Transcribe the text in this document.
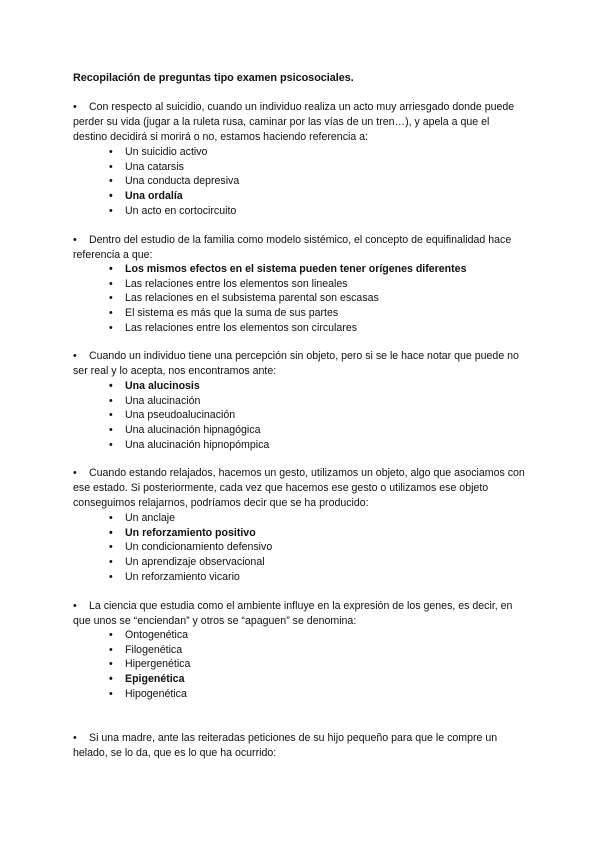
Recopilación de preguntas tipo examen psicosociales.
• Con respecto al suicidio, cuando un individuo realiza un acto muy arriesgado donde puede perder su vida (jugar a la ruleta rusa, caminar por las vías de un tren…), y apela a que el destino decidirá si morirá o no, estamos haciendo referencia a:
• Un suicidio activo
• Una catarsis
• Una conducta depresiva
• Una ordalía
• Un acto en cortocircuito
• Dentro del estudio de la familia como modelo sistémico, el concepto de equifinalidad hace referencia a que:
• Los mismos efectos en el sistema pueden tener orígenes diferentes
• Las relaciones entre los elementos son lineales
• Las relaciones en el subsistema parental son escasas
• El sistema es más que la suma de sus partes
• Las relaciones entre los elementos son circulares
• Cuando un individuo tiene una percepción sin objeto, pero si se le hace notar que puede no ser real y lo acepta, nos encontramos ante:
• Una alucinosis
• Una alucinación
• Una pseudoalucinación
• Una alucinación hipnagógica
• Una alucinación hipnopómpica
• Cuando estando relajados, hacemos un gesto, utilizamos un objeto, algo que asociamos con ese estado. Si posteriormente, cada vez que hacemos ese gesto o utilizamos ese objeto conseguimos relajarnos, podríamos decir que se ha producido:
• Un anclaje
• Un reforzamiento positivo
• Un condicionamiento defensivo
• Un aprendizaje observacional
• Un reforzamiento vicario
• La ciencia que estudia como el ambiente influye en la expresión de los genes, es decir, en que unos se “enciendan” y otros se “apaguen” se denomina:
• Ontogenética
• Filogenética
• Hipergenética
• Epigenética
• Hipogenética
• Si una madre, ante las reiteradas peticiones de su hijo pequeño para que le compre un helado, se lo da, que es lo que ha ocurrido:
